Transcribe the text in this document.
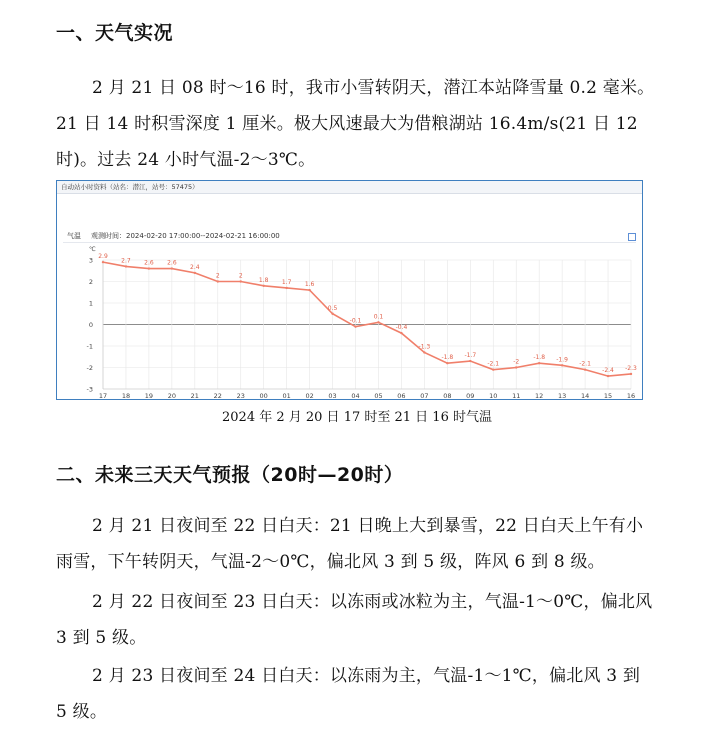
一、天气实况

2 月 21 日 08 时～16 时，我市小雪转阴天，潜江本站降雪量 0.2 毫米。21 日 14 时积雪深度 1 厘米。极大风速最大为借粮湖站 16.4m/s(21 日 12 时)。过去 24 小时气温-2～3℃。

自动站小时资料（站名：潜江，站号：57475）
气温 观测时间：2024-02-20 17:00:00--2024-02-21 16:00:00
3
2
1
0
-1
-2
-3
℃
17 18 19 20 21 22 23 00 01 02 03 04 05 06 07 08 09 10 11 12 13 14 15 16
2.9
2.7 2.6 2.6
2.4
2	2
1.8 1.7 1.6
0.5
-0.1
0.1
-0.4
-1.3
-1.8 -1.7
-2.1 -2
-1.8 -1.9
-2.1
-2.4 -2.3
2024 年 2 月 20 日 17 时至 21 日 16 时气温
二、未来三天天气预报（20时—20时）

2 月 21 日夜间至 22 日白天：21 日晚上大到暴雪，22 日白天上午有小雨雪，下午转阴天，气温-2～0℃，偏北风 3 到 5 级，阵风 6 到 8 级。

2 月 22 日夜间至 23 日白天：以冻雨或冰粒为主，气温-1～0℃，偏北风 3 到 5 级。

2 月 23 日夜间至 24 日白天：以冻雨为主，气温-1～1℃，偏北风 3 到 5 级。
